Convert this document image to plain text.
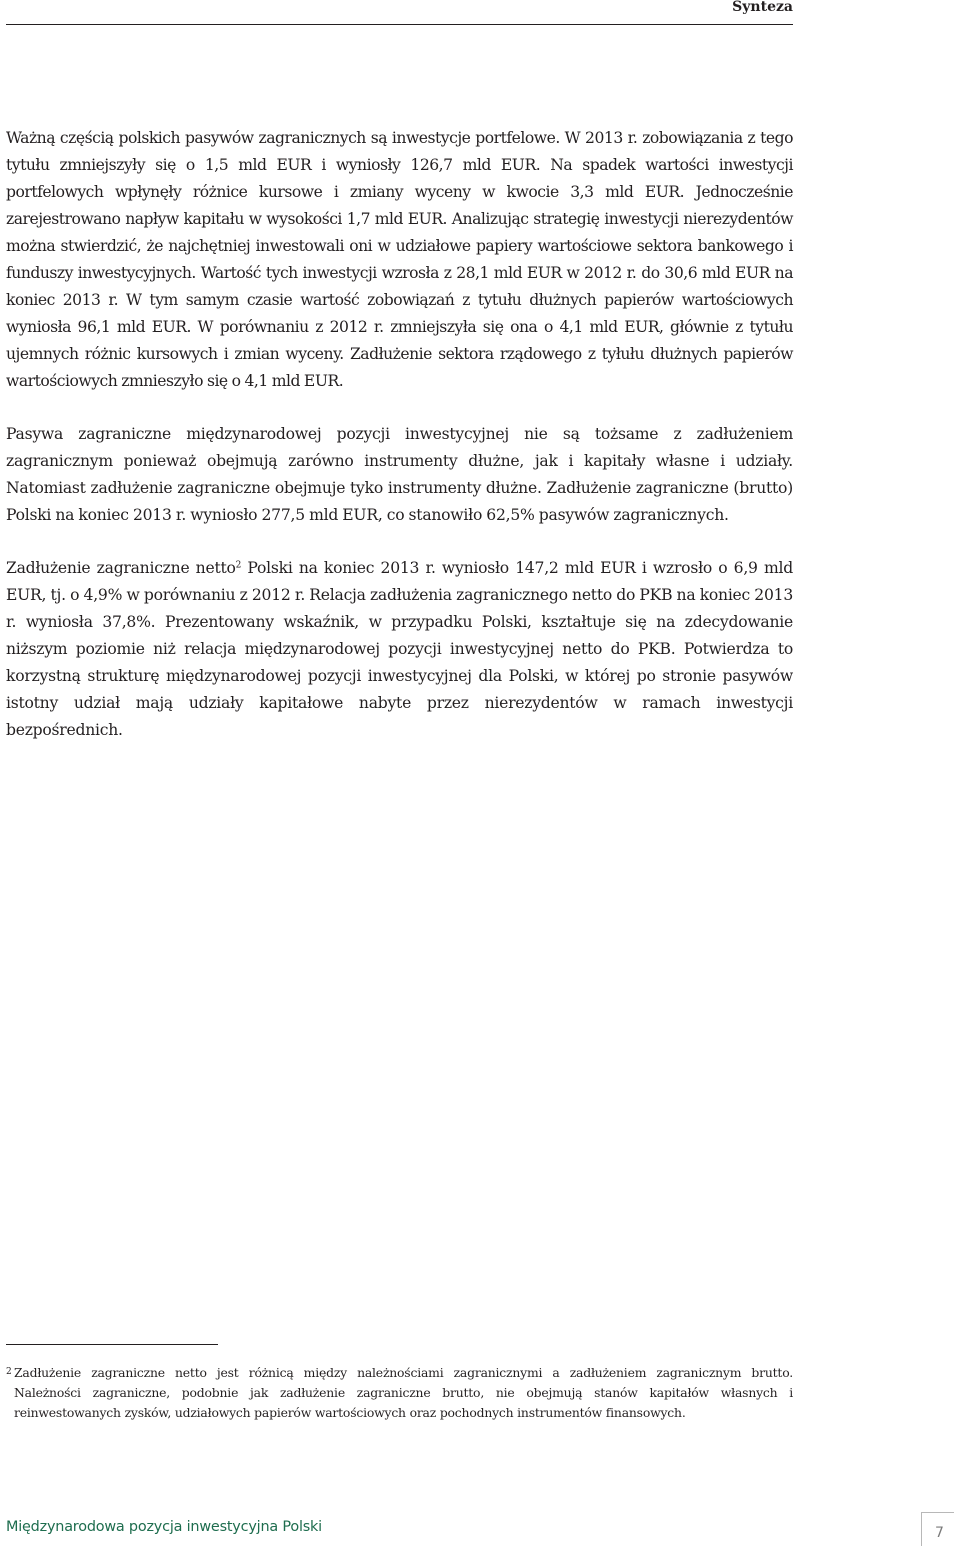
Synteza

Ważną częścią polskich pasywów zagranicznych są inwestycje portfelowe. W 2013 r. zobowiązania z tego tytułu zmniejszyły się o 1,5 mld EUR i wyniosły 126,7 mld EUR. Na spadek wartości inwestycji portfelowych wpłynęły różnice kursowe i zmiany wyceny w kwocie 3,3 mld EUR. Jednocześnie zarejestrowano napływ kapitału w wysokości 1,7 mld EUR. Analizując strategię inwestycji nierezydentów można stwierdzić, że najchętniej inwestowali oni w udziałowe papiery wartościowe sektora bankowego i funduszy inwestycyjnych. Wartość tych inwestycji wzrosła z 28,1 mld EUR w 2012 r. do 30,6 mld EUR na koniec 2013 r. W tym samym czasie wartość zobowiązań z tytułu dłużnych papierów wartościowych wyniosła 96,1 mld EUR. W porównaniu z 2012 r. zmniejszyła się ona o 4,1 mld EUR, głównie z tytułu ujemnych różnic kursowych i zmian wyceny. Zadłużenie sektora rządowego z tyłułu dłużnych papierów wartościowych zmnieszyło się o 4,1 mld EUR.

Pasywa zagraniczne międzynarodowej pozycji inwestycyjnej nie są tożsame z zadłużeniem zagranicznym ponieważ obejmują zarówno instrumenty dłużne, jak i kapitały własne i udziały. Natomiast zadłużenie zagraniczne obejmuje tyko instrumenty dłużne. Zadłużenie zagraniczne (brutto) Polski na koniec 2013 r. wyniosło 277,5 mld EUR, co stanowiło 62,5% pasywów zagranicznych.

Zadłużenie zagraniczne netto$^2$ Polski na koniec 2013 r. wyniosło 147,2 mld EUR i wzrosło o 6,9 mld EUR, tj. o 4,9% w porównaniu z 2012 r. Relacja zadłużenia zagranicznego netto do PKB na koniec 2013 r. wyniosła 37,8%. Prezentowany wskaźnik, w przypadku Polski, kształtuje się na zdecydowanie niższym poziomie niż relacja międzynarodowej pozycji inwestycyjnej netto do PKB. Potwierdza to korzystną strukturę międzynarodowej pozycji inwestycyjnej dla Polski, w której po stronie pasywów istotny udział mają udziały kapitałowe nabyte przez nierezydentów w ramach inwestycji bezpośrednich.

2 Zadłużenie zagraniczne netto jest różnicą między należnościami zagranicznymi a zadłużeniem zagranicznym brutto. Należności zagraniczne, podobnie jak zadłużenie zagraniczne brutto, nie obejmują stanów kapitałów własnych i reinwestowanych zysków, udziałowych papierów wartościowych oraz pochodnych instrumentów finansowych.
Międzynarodowa pozycja inwestycyjna Polski	7
